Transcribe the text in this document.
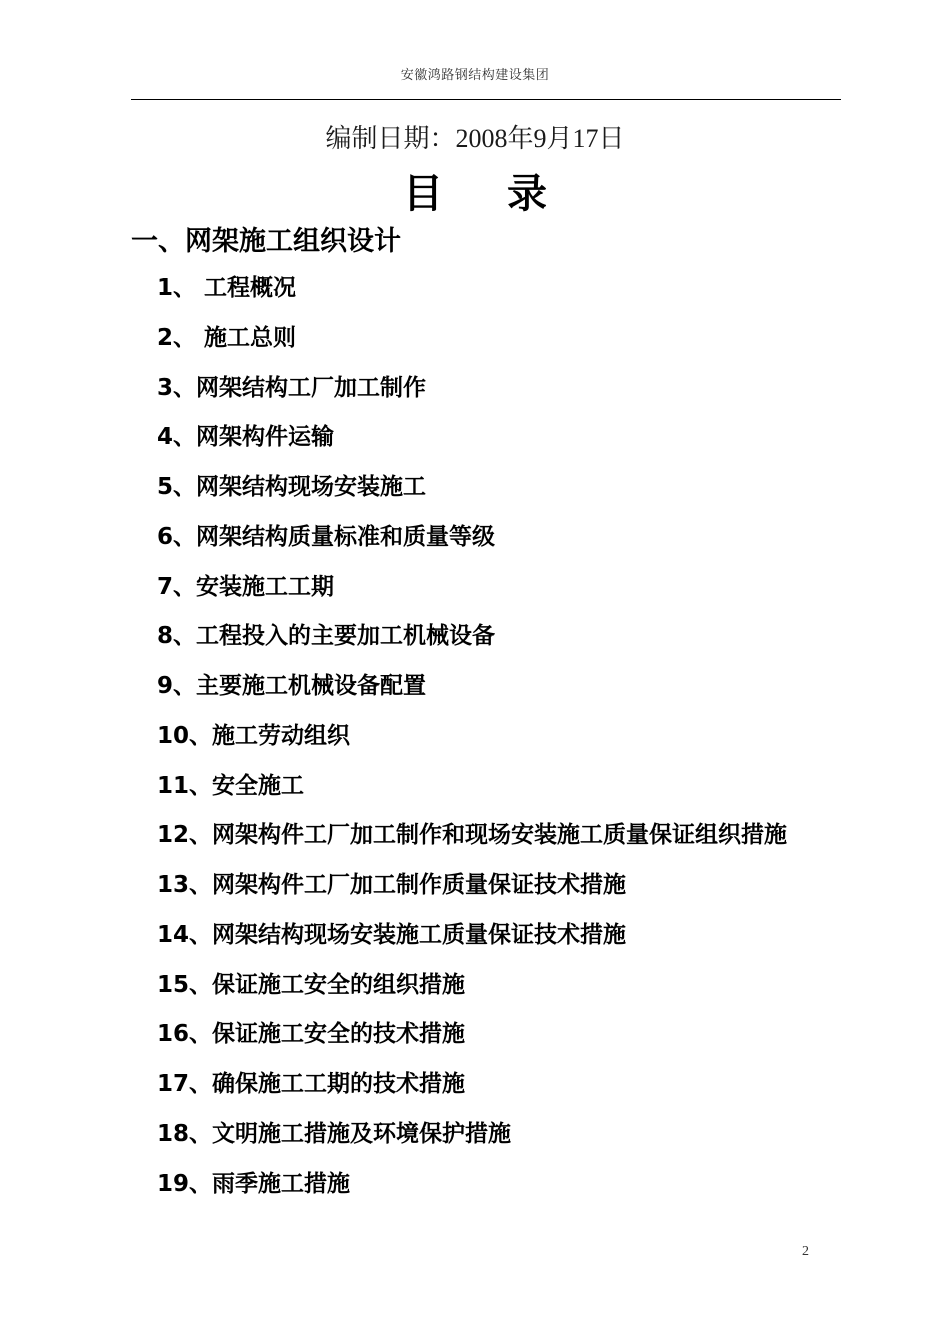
安徽鸿路钢结构建设集团
编制日期：2008年9月17日
目 录
一、网架施工组织设计
1、 工程概况
2、 施工总则
3、网架结构工厂加工制作
4、网架构件运输
5、网架结构现场安装施工
6、网架结构质量标准和质量等级
7、安装施工工期
8、工程投入的主要加工机械设备
9、主要施工机械设备配置
10、施工劳动组织
11、安全施工
12、网架构件工厂加工制作和现场安装施工质量保证组织措施
13、网架构件工厂加工制作质量保证技术措施
14、网架结构现场安装施工质量保证技术措施
15、保证施工安全的组织措施
16、保证施工安全的技术措施
17、确保施工工期的技术措施
18、文明施工措施及环境保护措施
19、雨季施工措施
2
